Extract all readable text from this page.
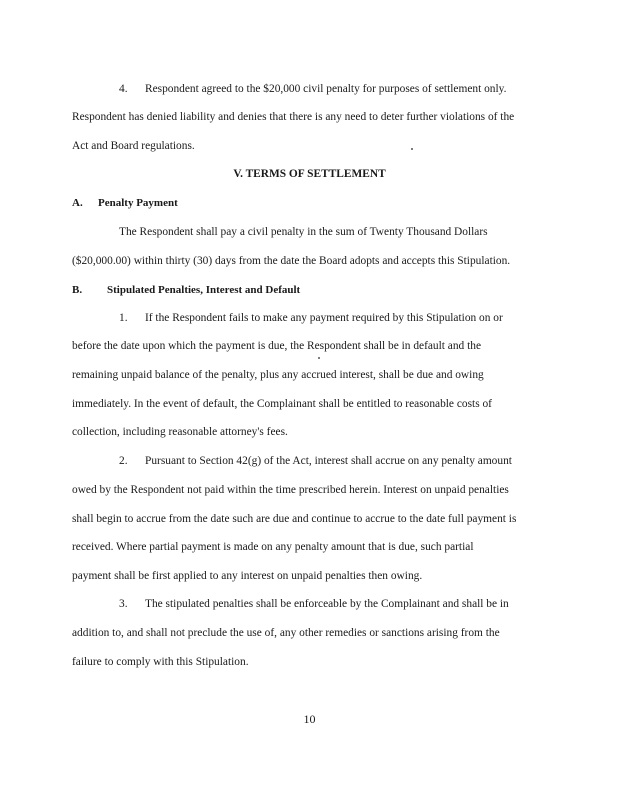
4. Respondent agreed to the $20,000 civil penalty for purposes of settlement only.
Respondent has denied liability and denies that there is any need to deter further violations of the
Act and Board regulations.
V. TERMS OF SETTLEMENT
A. Penalty Payment
The Respondent shall pay a civil penalty in the sum of Twenty Thousand Dollars
($20,000.00) within thirty (30) days from the date the Board adopts and accepts this Stipulation.
B. Stipulated Penalties, Interest and Default
1. If the Respondent fails to make any payment required by this Stipulation on or
before the date upon which the payment is due, the Respondent shall be in default and the
remaining unpaid balance of the penalty, plus any accrued interest, shall be due and owing
immediately. In the event of default, the Complainant shall be entitled to reasonable costs of
collection, including reasonable attorney's fees.
2. Pursuant to Section 42(g) of the Act, interest shall accrue on any penalty amount
owed by the Respondent not paid within the time prescribed herein. Interest on unpaid penalties
shall begin to accrue from the date such are due and continue to accrue to the date full payment is
received. Where partial payment is made on any penalty amount that is due, such partial
payment shall be first applied to any interest on unpaid penalties then owing.
3. The stipulated penalties shall be enforceable by the Complainant and shall be in
addition to, and shall not preclude the use of, any other remedies or sanctions arising from the
failure to comply with this Stipulation.
10
